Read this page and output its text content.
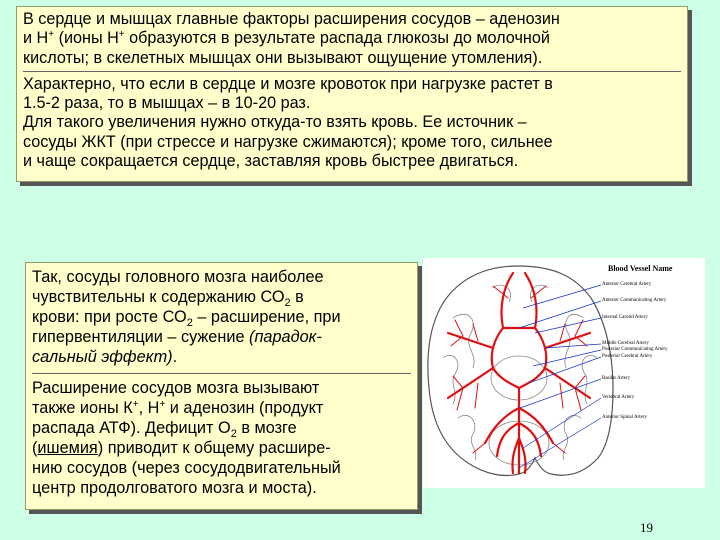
В сердце и мышцах главные факторы расширения сосудов – аденозин
и Н+ (ионы Н+ образуются в результате распада глюкозы до молочной
кислоты; в скелетных мышцах они вызывают ощущение утомления).

Характерно, что если в сердце и мозге кровоток при нагрузке растет в
1.5-2 раза, то в мышцах – в 10-20 раз.
Для такого увеличения нужно откуда-то взять кровь. Ее источник –
сосуды ЖКТ (при стрессе и нагрузке сжимаются); кроме того, сильнее
и чаще сокращается сердце, заставляя кровь быстрее двигаться.

Так, сосуды головного мозга наиболее
чувствительны к содержанию $СО_2$ в
крови: при росте $СО_2$ – расширение, при
гипервентиляции – сужение (парадок-
сальный эффект).

Расширение сосудов мозга вызывают
также ионы К+, Н+ и аденозин (продукт
распада АТФ). Дефицит $О_2$ в мозге
(ишемия) приводит к общему расшире-
нию сосудов (через сосудодвигательный
центр продолговатого мозга и моста).

Blood Vessel Name
Anterior Cerebral Artery
Anterior Communicating Artery
Internal Carotid Artery
Middle Cerebral Artery
Posterior Communicating Artery
Posterior Cerebral Artery
Basilar Artery
Vertebral Artery
Anterior Spinal Artery
19
